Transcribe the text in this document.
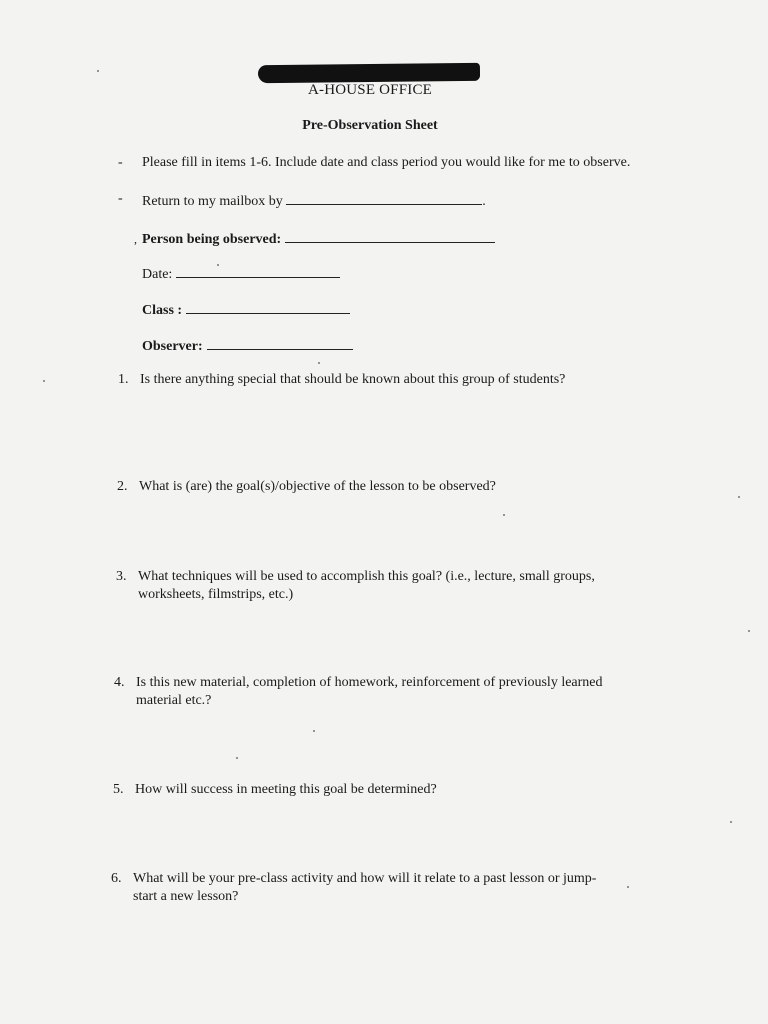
A-HOUSE OFFICE
Pre-Observation Sheet
- Please fill in items 1-6. Include date and class period you would like for me to observe.
- Return to my mailbox by	.
, Person being observed:
Date:
Class :
Observer:
1. Is there anything special that should be known about this group of students?
2. What is (are) the goal(s)/objective of the lesson to be observed?
3. What techniques will be used to accomplish this goal? (i.e., lecture, small groups, worksheets, filmstrips, etc.)
4. Is this new material, completion of homework, reinforcement of previously learned material etc.?
5. How will success in meeting this goal be determined?
6. What will be your pre-class activity and how will it relate to a past lesson or jump-start a new lesson?
